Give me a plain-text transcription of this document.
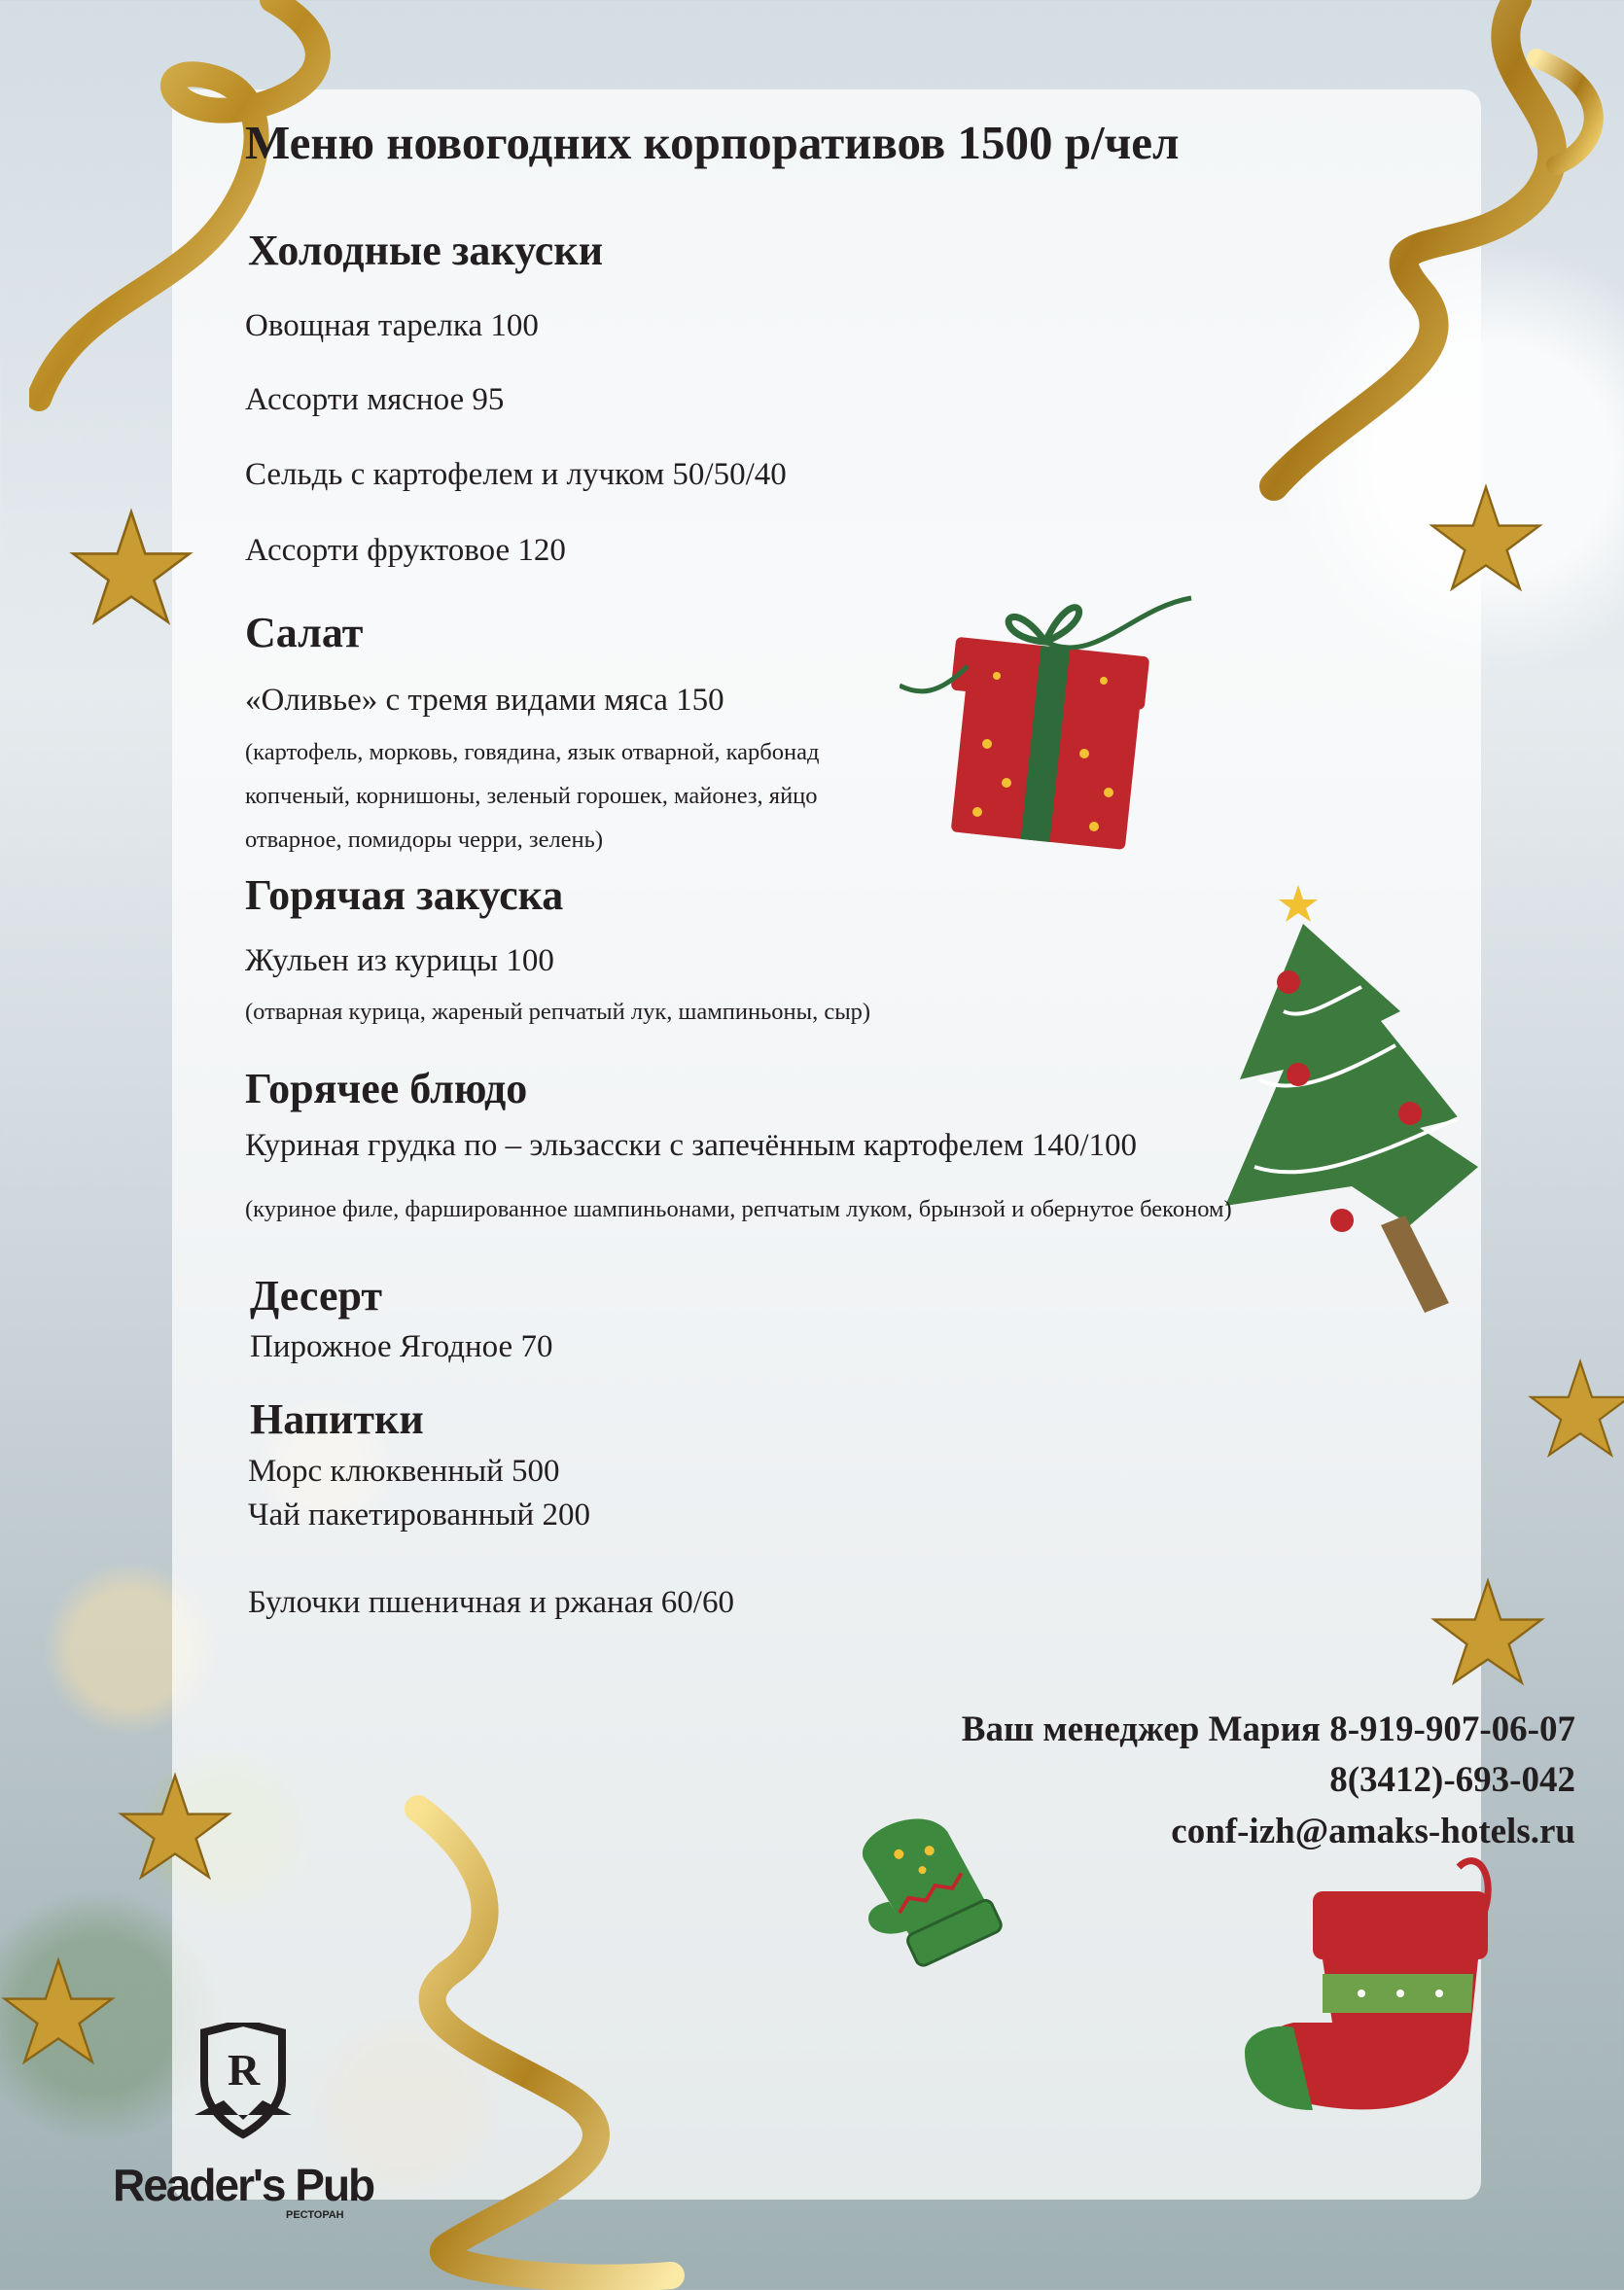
Меню новогодних корпоративов 1500 р/чел
Холодные закуски
Овощная тарелка 100
Ассорти мясное 95
Сельдь с картофелем и лучком 50/50/40
Ассорти фруктовое 120
Салат
«Оливье» с тремя видами мяса 150
(картофель, морковь, говядина, язык отварной, карбонад
копченый, корнишоны, зеленый горошек, майонез, яйцо
отварное, помидоры черри, зелень)
Горячая закуска
Жульен из курицы 100
(отварная курица, жареный репчатый лук, шампиньоны, сыр)
Горячее блюдо
Куриная грудка по – эльзасски с запечённым картофелем 140/100
(куриное филе, фаршированное шампиньонами, репчатым луком, брынзой и обернутое беконом)
Десерт
Пирожное Ягодное 70
Напитки
Морс клюквенный 500
Чай пакетированный 200
Булочки пшеничная и ржаная 60/60
Ваш менеджер Мария 8-919-907-06-07
8(3412)-693-042
conf-izh@amaks-hotels.ru
R
Reader's Pub
РЕСТОРАН
